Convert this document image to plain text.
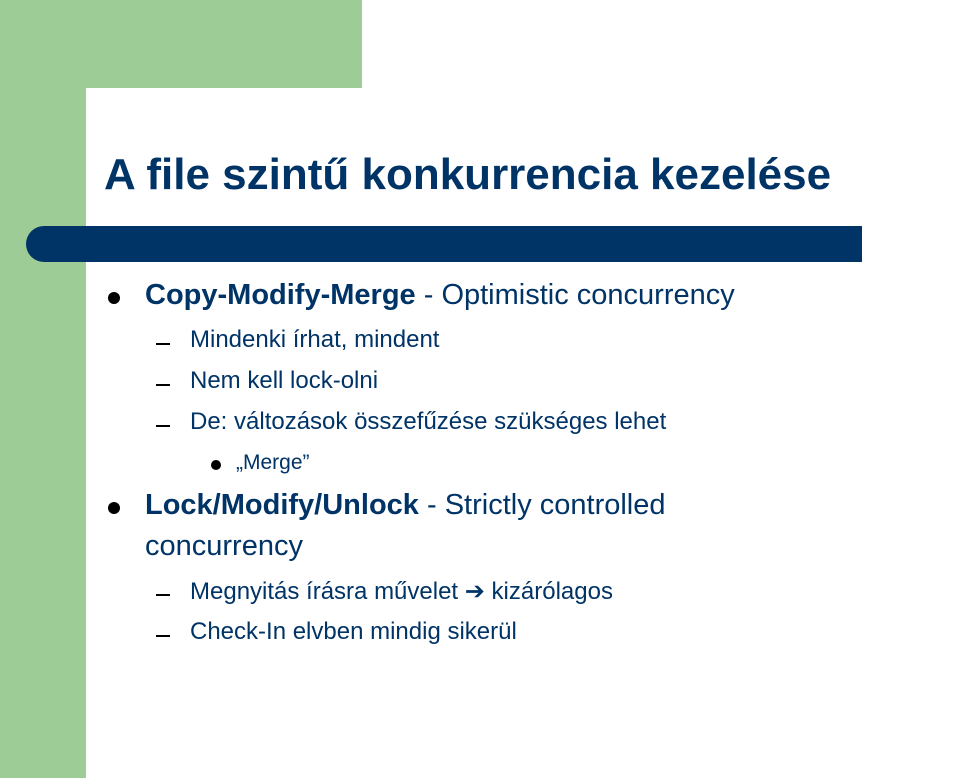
A file szintű konkurrencia kezelése
Copy-Modify-Merge - Optimistic concurrency
Mindenki írhat, mindent
Nem kell lock-olni
De: változások összefűzése szükséges lehet
„Merge”
Lock/Modify/Unlock - Strictly controlled
concurrency
Megnyitás írásra művelet ➔ kizárólagos
Check-In elvben mindig sikerül
